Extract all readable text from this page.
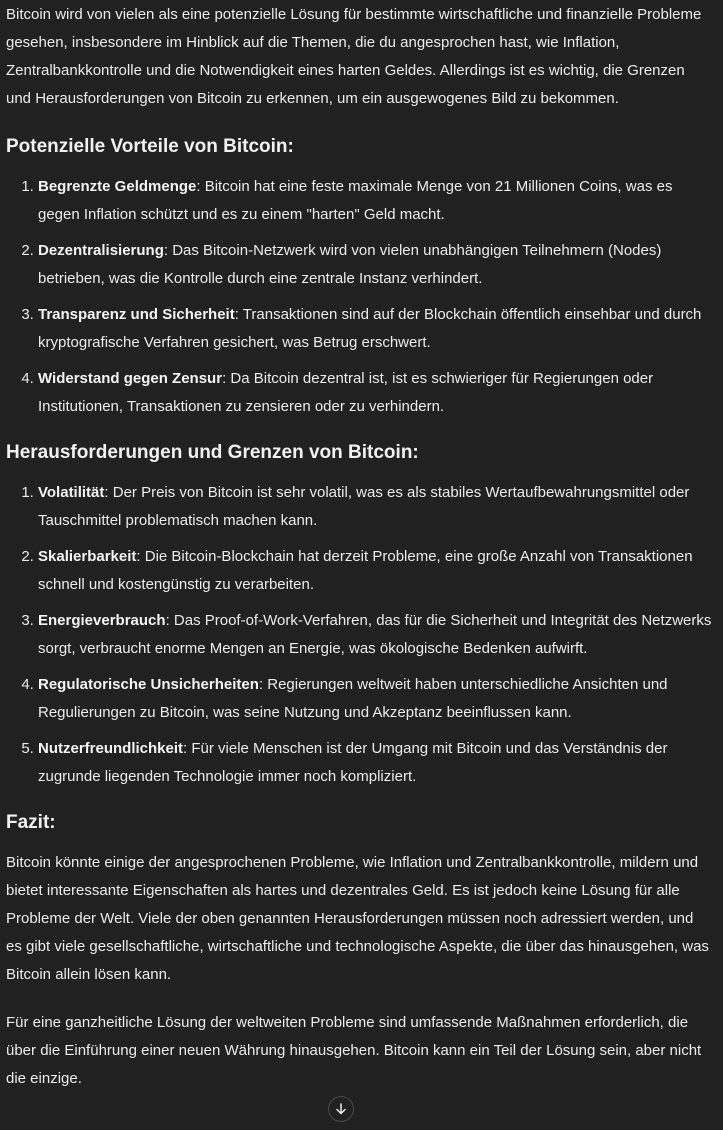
Bitcoin wird von vielen als eine potenzielle Lösung für bestimmte wirtschaftliche und finanzielle Probleme gesehen, insbesondere im Hinblick auf die Themen, die du angesprochen hast, wie Inflation, Zentralbankkontrolle und die Notwendigkeit eines harten Geldes. Allerdings ist es wichtig, die Grenzen und Herausforderungen von Bitcoin zu erkennen, um ein ausgewogenes Bild zu bekommen.

Potenzielle Vorteile von Bitcoin:
1. Begrenzte Geldmenge: Bitcoin hat eine feste maximale Menge von 21 Millionen Coins, was es gegen Inflation schützt und es zu einem "harten" Geld macht.
2. Dezentralisierung: Das Bitcoin-Netzwerk wird von vielen unabhängigen Teilnehmern (Nodes) betrieben, was die Kontrolle durch eine zentrale Instanz verhindert.
3. Transparenz und Sicherheit: Transaktionen sind auf der Blockchain öffentlich einsehbar und durch kryptografische Verfahren gesichert, was Betrug erschwert.
4. Widerstand gegen Zensur: Da Bitcoin dezentral ist, ist es schwieriger für Regierungen oder Institutionen, Transaktionen zu zensieren oder zu verhindern.
Herausforderungen und Grenzen von Bitcoin:
1. Volatilität: Der Preis von Bitcoin ist sehr volatil, was es als stabiles Wertaufbewahrungsmittel oder Tauschmittel problematisch machen kann.
2. Skalierbarkeit: Die Bitcoin-Blockchain hat derzeit Probleme, eine große Anzahl von Transaktionen schnell und kostengünstig zu verarbeiten.
3. Energieverbrauch: Das Proof-of-Work-Verfahren, das für die Sicherheit und Integrität des Netzwerks sorgt, verbraucht enorme Mengen an Energie, was ökologische Bedenken aufwirft.
4. Regulatorische Unsicherheiten: Regierungen weltweit haben unterschiedliche Ansichten und Regulierungen zu Bitcoin, was seine Nutzung und Akzeptanz beeinflussen kann.
5. Nutzerfreundlichkeit: Für viele Menschen ist der Umgang mit Bitcoin und das Verständnis der zugrunde liegenden Technologie immer noch kompliziert.
Fazit:

Bitcoin könnte einige der angesprochenen Probleme, wie Inflation und Zentralbankkontrolle, mildern und bietet interessante Eigenschaften als hartes und dezentrales Geld. Es ist jedoch keine Lösung für alle Probleme der Welt. Viele der oben genannten Herausforderungen müssen noch adressiert werden, und es gibt viele gesellschaftliche, wirtschaftliche und technologische Aspekte, die über das hinausgehen, was Bitcoin allein lösen kann.

Für eine ganzheitliche Lösung der weltweiten Probleme sind umfassende Maßnahmen erforderlich, die über die Einführung einer neuen Währung hinausgehen. Bitcoin kann ein Teil der Lösung sein, aber nicht die einzige.
